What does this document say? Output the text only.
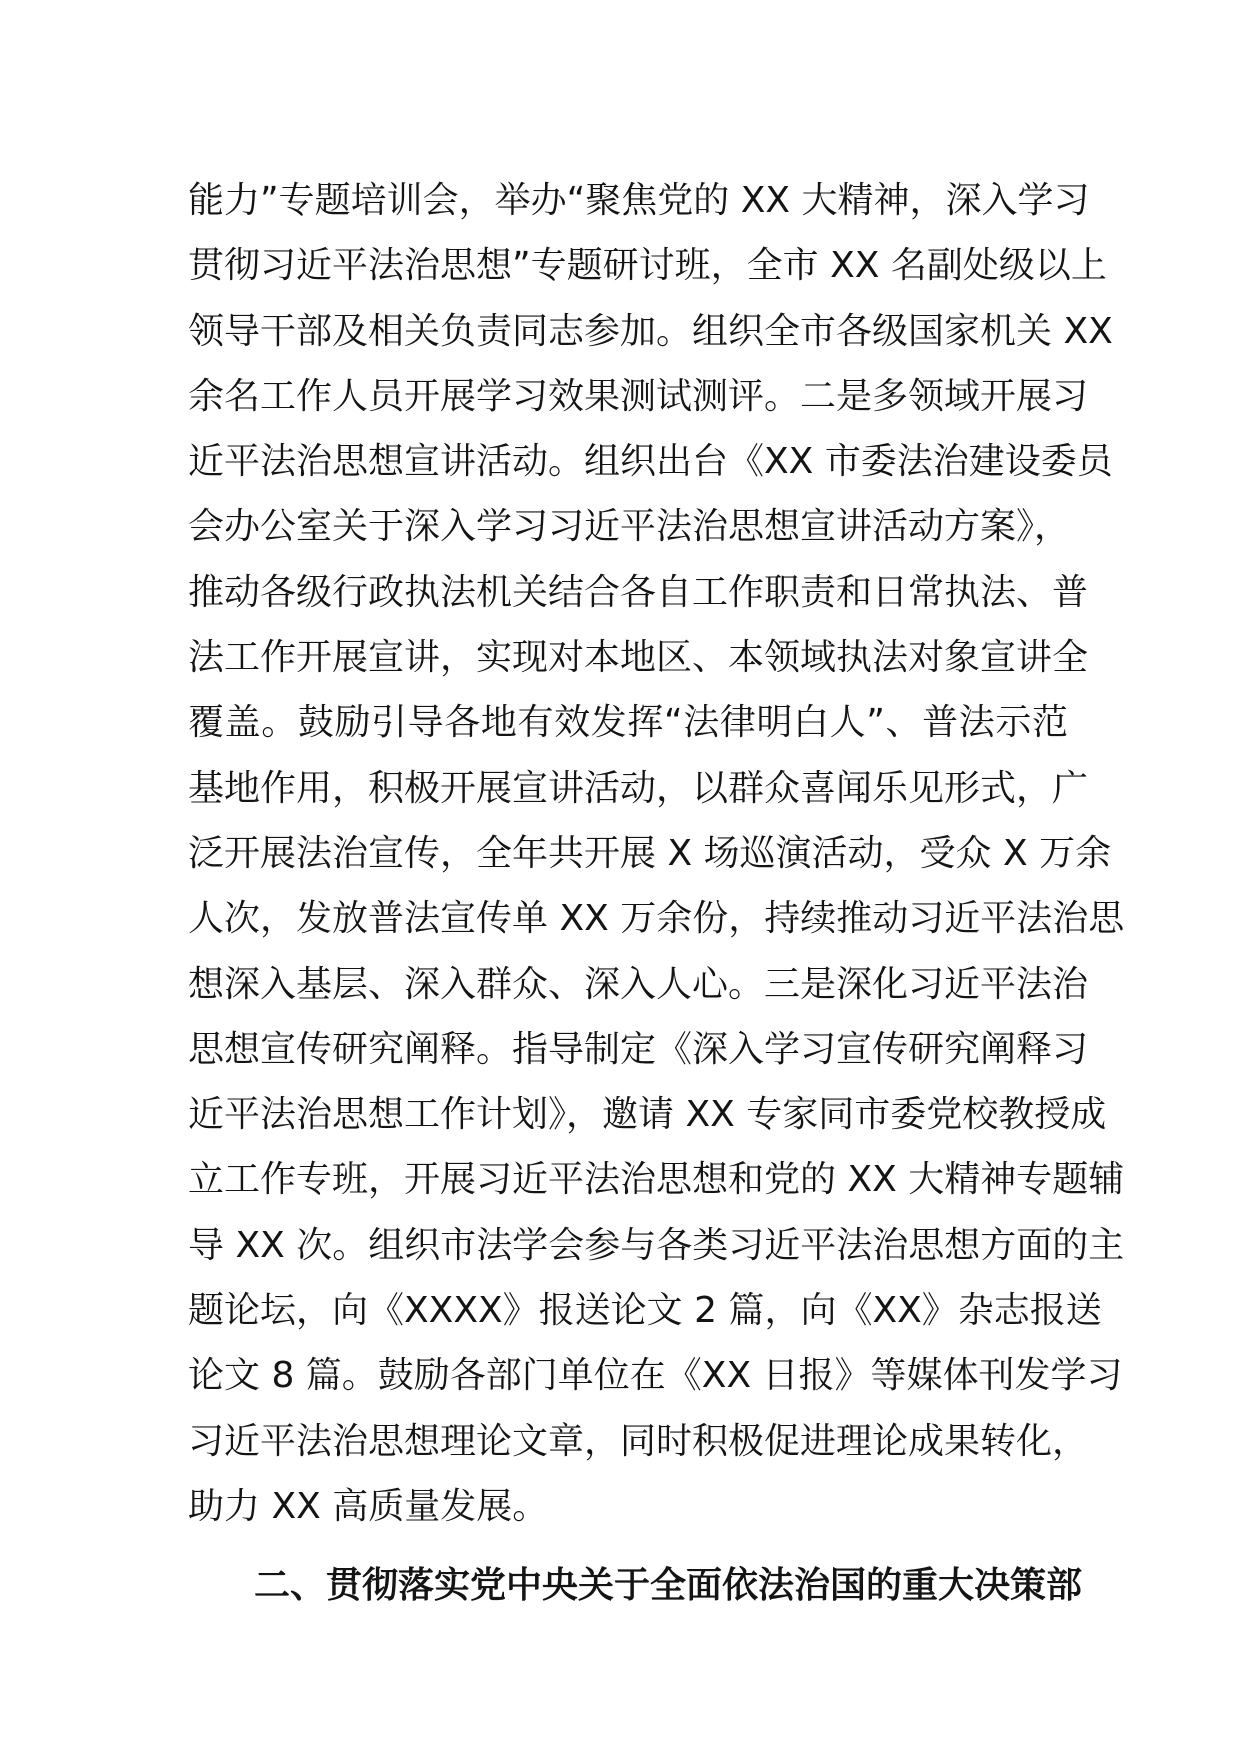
能力”专题培训会，举办“聚焦党的 XX 大精神，深入学习
贯彻习近平法治思想”专题研讨班，全市 XX 名副处级以上
领导干部及相关负责同志参加。组织全市各级国家机关 XX
余名工作人员开展学习效果测试测评。二是多领域开展习
近平法治思想宣讲活动。组织出台《XX 市委法治建设委员
会办公室关于深入学习习近平法治思想宣讲活动方案》，
推动各级行政执法机关结合各自工作职责和日常执法、普
法工作开展宣讲，实现对本地区、本领域执法对象宣讲全
覆盖。鼓励引导各地有效发挥“法律明白人”、普法示范
基地作用，积极开展宣讲活动，以群众喜闻乐见形式，广
泛开展法治宣传，全年共开展 X 场巡演活动，受众 X 万余
人次，发放普法宣传单 XX 万余份，持续推动习近平法治思
想深入基层、深入群众、深入人心。三是深化习近平法治
思想宣传研究阐释。指导制定《深入学习宣传研究阐释习
近平法治思想工作计划》，邀请 XX 专家同市委党校教授成
立工作专班，开展习近平法治思想和党的 XX 大精神专题辅
导 XX 次。组织市法学会参与各类习近平法治思想方面的主
题论坛，向《XXXX》报送论文 2 篇，向《XX》杂志报送
论文 8 篇。鼓励各部门单位在《XX 日报》等媒体刊发学习
习近平法治思想理论文章，同时积极促进理论成果转化，
助力 XX 高质量发展。
二、贯彻落实党中央关于全面依法治国的重大决策部
